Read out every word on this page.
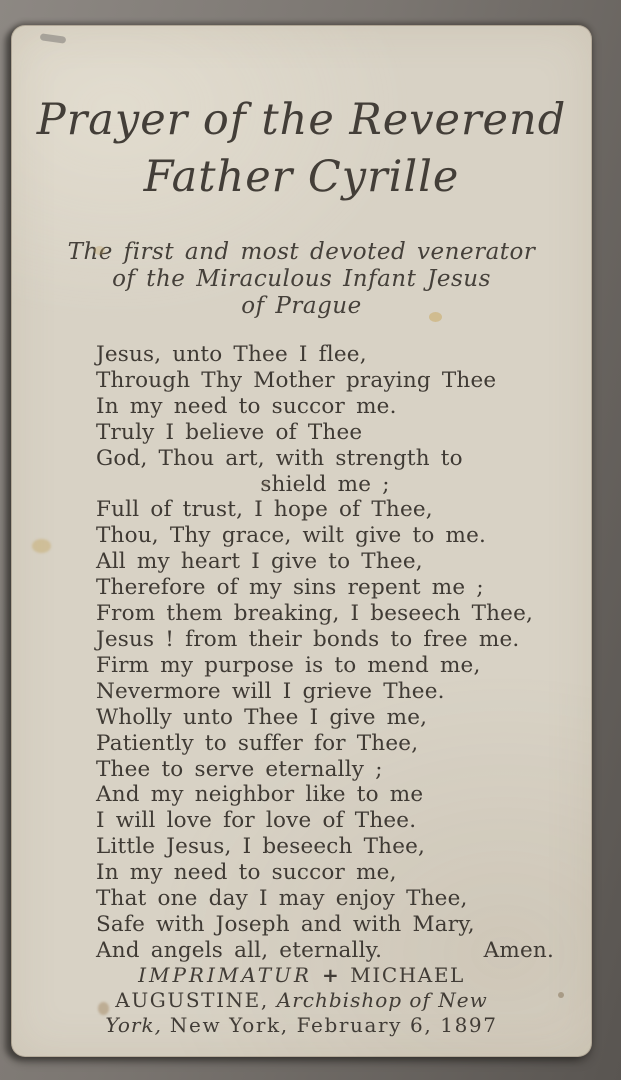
Prayer of the Reverend
Father Cyrille
The first and most devoted venerator
of the Miraculous Infant Jesus
of Prague
Jesus, unto Thee I flee,
Through Thy Mother praying Thee
In my need to succor me.
Truly I believe of Thee
God, Thou art, with strength to
shield me ;
Full of trust, I hope of Thee,
Thou, Thy grace, wilt give to me.
All my heart I give to Thee,
Therefore of my sins repent me ;
From them breaking, I beseech Thee,
Jesus ! from their bonds to free me.
Firm my purpose is to mend me,
Nevermore will I grieve Thee.
Wholly unto Thee I give me,
Patiently to suffer for Thee,
Thee to serve eternally ;
And my neighbor like to me
I will love for love of Thee.
Little Jesus, I beseech Thee,
In my need to succor me,
That one day I may enjoy Thee,
Safe with Joseph and with Mary,
And angels all, eternally.	Amen.
IMPRIMATUR + MICHAEL
AUGUSTINE, Archbishop of New
York, New York, February 6, 1897
